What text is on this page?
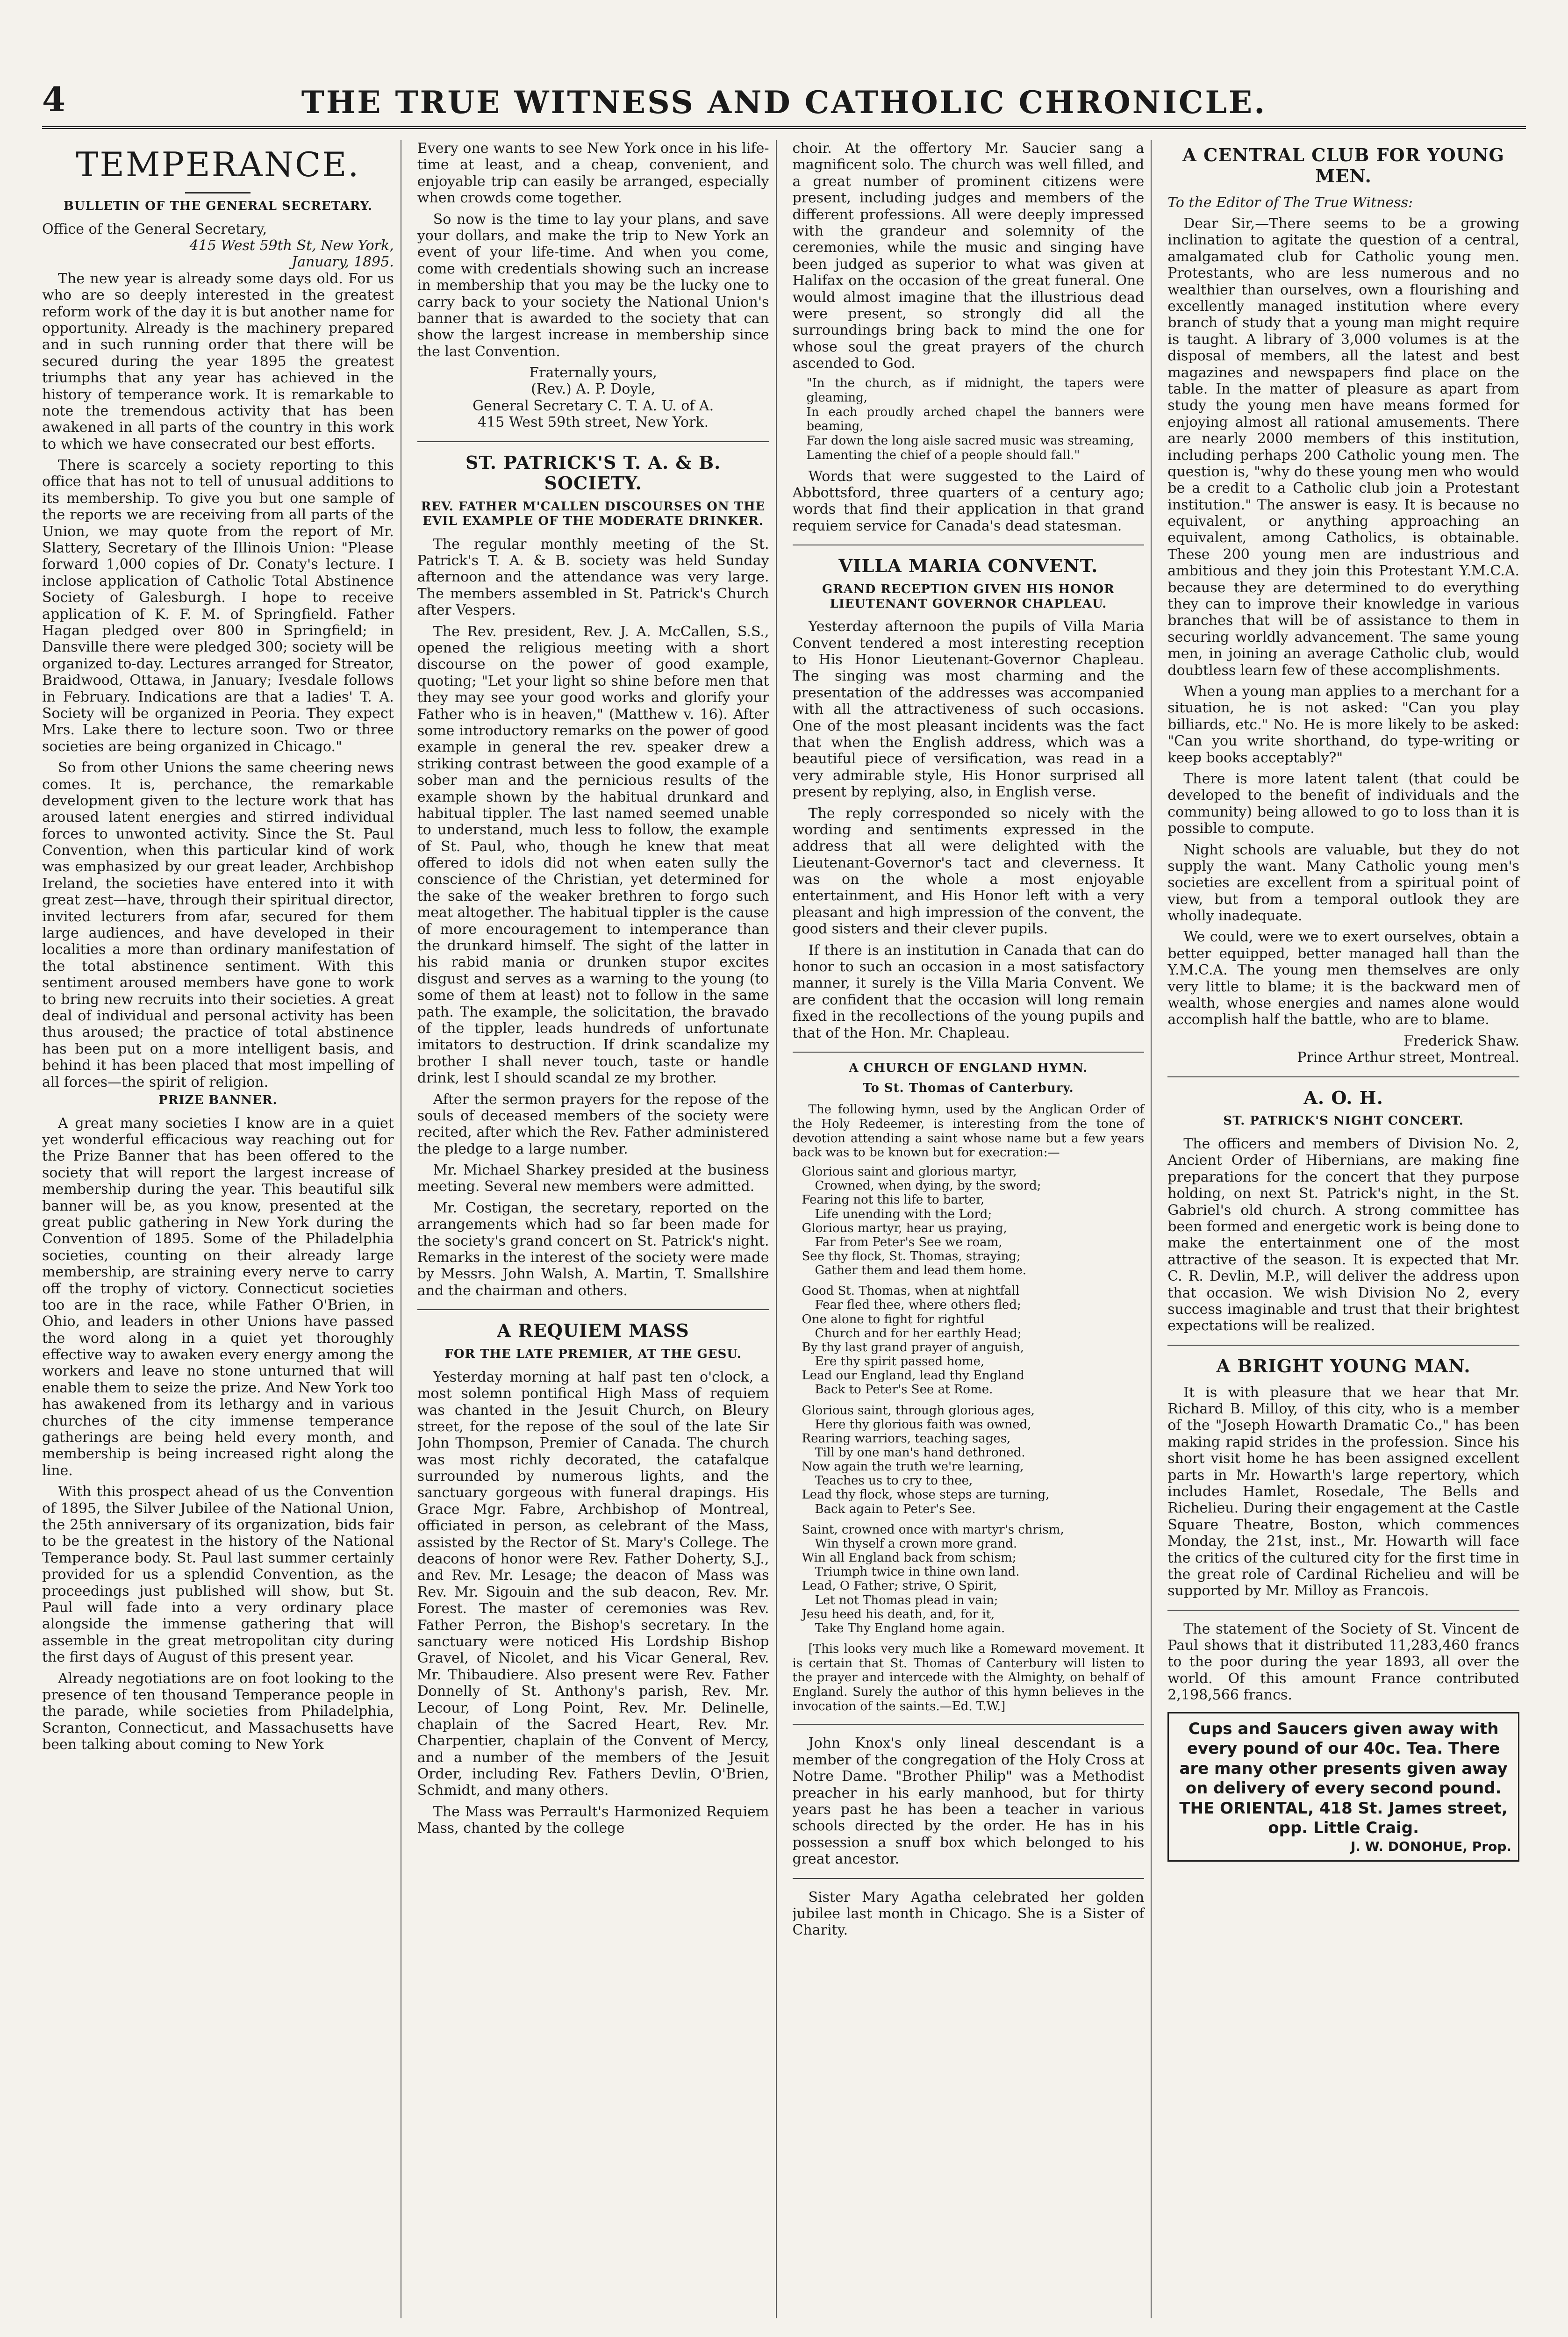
4	THE TRUE WITNESS AND CATHOLIC CHRONICLE.
TEMPERANCE.
BULLETIN OF THE GENERAL SECRETARY.

Office of the General Secretary,

415 West 59th St, New York,

January, 1895.

The new year is already some days old. For us who are so deeply interested in the greatest reform work of the day it is but another name for opportunity. Already is the machinery prepared and in such running order that there will be secured during the year 1895 the greatest triumphs that any year has achieved in the history of temperance work. It is remarkable to note the tremendous activity that has been awakened in all parts of the country in this work to which we have consecrated our best efforts.

There is scarcely a society reporting to this office that has not to tell of unusual additions to its membership. To give you but one sample of the reports we are receiving from all parts of the Union, we may quote from the report of Mr. Slattery, Secretary of the Illinois Union: "Please forward 1,000 copies of Dr. Conaty's lecture. I inclose application of Catholic Total Abstinence Society of Galesburgh. I hope to receive application of K. F. M. of Springfield. Father Hagan pledged over 800 in Springfield; in Dansville there were pledged 300; society will be organized to-day. Lectures arranged for Streator, Braidwood, Ottawa, in January; Ivesdale follows in February. Indications are that a ladies' T. A. Society will be organized in Peoria. They expect Mrs. Lake there to lecture soon. Two or three societies are being organized in Chicago."

So from other Unions the same cheering news comes. It is, perchance, the remarkable development given to the lecture work that has aroused latent energies and stirred individual forces to unwonted activity. Since the St. Paul Convention, when this particular kind of work was emphasized by our great leader, Archbishop Ireland, the societies have entered into it with great zest—have, through their spiritual director, invited lecturers from afar, secured for them large audiences, and have developed in their localities a more than ordinary manifestation of the total abstinence sentiment. With this sentiment aroused members have gone to work to bring new recruits into their societies. A great deal of individual and personal activity has been thus aroused; the practice of total abstinence has been put on a more intelligent basis, and behind it has been placed that most impelling of all forces—the spirit of religion.

PRIZE BANNER.

A great many societies I know are in a quiet yet wonderful efficacious way reaching out for the Prize Banner that has been offered to the society that will report the largest increase of membership during the year. This beautiful silk banner will be, as you know, presented at the great public gathering in New York during the Convention of 1895. Some of the Philadelphia societies, counting on their already large membership, are straining every nerve to carry off the trophy of victory. Connecticut societies too are in the race, while Father O'Brien, in Ohio, and leaders in other Unions have passed the word along in a quiet yet thoroughly effective way to awaken every energy among the workers and leave no stone unturned that will enable them to seize the prize. And New York too has awakened from its lethargy and in various churches of the city immense temperance gatherings are being held every month, and membership is being increased right along the line.

With this prospect ahead of us the Convention of 1895, the Silver Jubilee of the National Union, the 25th anniversary of its organization, bids fair to be the greatest in the history of the National Temperance body. St. Paul last summer certainly provided for us a splendid Convention, as the proceedings just published will show, but St. Paul will fade into a very ordinary place alongside the immense gathering that will assemble in the great metropolitan city during the first days of August of this present year.

Already negotiations are on foot looking to the presence of ten thousand Temperance people in the parade, while societies from Philadelphia, Scranton, Connecticut, and Massachusetts have been talking about coming to New York

Every one wants to see New York once in his life-time at least, and a cheap, convenient, and enjoyable trip can easily be arranged, especially when crowds come together.

So now is the time to lay your plans, and save your dollars, and make the trip to New York an event of your life-time. And when you come, come with credentials showing such an increase in membership that you may be the lucky one to carry back to your society the National Union's banner that is awarded to the society that can show the largest increase in membership since the last Convention.

Fraternally yours,

(Rev.) A. P. Doyle,

General Secretary C. T. A. U. of A.

415 West 59th street, New York.

ST. PATRICK'S T. A. & B. SOCIETY.
REV. FATHER M'CALLEN DISCOURSES ON THE EVIL EXAMPLE OF THE MODERATE DRINKER.

The regular monthly meeting of the St. Patrick's T. A. & B. society was held Sunday afternoon and the attendance was very large. The members assembled in St. Patrick's Church after Vespers.

The Rev. president, Rev. J. A. McCallen, S.S., opened the religious meeting with a short discourse on the power of good example, quoting; "Let your light so shine before men that they may see your good works and glorify your Father who is in heaven," (Matthew v. 16). After some introductory remarks on the power of good example in general the rev. speaker drew a striking contrast between the good example of a sober man and the pernicious results of the example shown by the habitual drunkard and habitual tippler. The last named seemed unable to understand, much less to follow, the example of St. Paul, who, though he knew that meat offered to idols did not when eaten sully the conscience of the Christian, yet determined for the sake of the weaker brethren to forgo such meat altogether. The habitual tippler is the cause of more encouragement to intemperance than the drunkard himself. The sight of the latter in his rabid mania or drunken stupor excites disgust and serves as a warning to the young (to some of them at least) not to follow in the same path. The example, the solicitation, the bravado of the tippler, leads hundreds of unfortunate imitators to destruction. If drink scandalize my brother I shall never touch, taste or handle drink, lest I should scandal ze my brother.

After the sermon prayers for the repose of the souls of deceased members of the society were recited, after which the Rev. Father administered the pledge to a large number.

Mr. Michael Sharkey presided at the business meeting. Several new members were admitted.

Mr. Costigan, the secretary, reported on the arrangements which had so far been made for the society's grand concert on St. Patrick's night. Remarks in the interest of the society were made by Messrs. John Walsh, A. Martin, T. Smallshire and the chairman and others.

A REQUIEM MASS
FOR THE LATE PREMIER, AT THE GESU.

Yesterday morning at half past ten o'clock, a most solemn pontifical High Mass of requiem was chanted in the Jesuit Church, on Bleury street, for the repose of the soul of the late Sir John Thompson, Premier of Canada. The church was most richly decorated, the catafalque surrounded by numerous lights, and the sanctuary gorgeous with funeral drapings. His Grace Mgr. Fabre, Archbishop of Montreal, officiated in person, as celebrant of the Mass, assisted by the Rector of St. Mary's College. The deacons of honor were Rev. Father Doherty, S.J., and Rev. Mr. Lesage; the deacon of Mass was Rev. Mr. Sigouin and the sub deacon, Rev. Mr. Forest. The master of ceremonies was Rev. Father Perron, the Bishop's secretary. In the sanctuary were noticed His Lordship Bishop Gravel, of Nicolet, and his Vicar General, Rev. Mr. Thibaudiere. Also present were Rev. Father Donnelly of St. Anthony's parish, Rev. Mr. Lecour, of Long Point, Rev. Mr. Delinelle, chaplain of the Sacred Heart, Rev. Mr. Charpentier, chaplain of the Convent of Mercy, and a number of the members of the Jesuit Order, including Rev. Fathers Devlin, O'Brien, Schmidt, and many others.

The Mass was Perrault's Harmonized Requiem Mass, chanted by the college

choir. At the offertory Mr. Saucier sang a magnificent solo. The church was well filled, and a great number of prominent citizens were present, including judges and members of the different professions. All were deeply impressed with the grandeur and solemnity of the ceremonies, while the music and singing have been judged as superior to what was given at Halifax on the occasion of the great funeral. One would almost imagine that the illustrious dead were present, so strongly did all the surroundings bring back to mind the one for whose soul the great prayers of the church ascended to God.

"In the church, as if midnight, the tapers were gleaming,
In each proudly arched chapel the banners were beaming,
Far down the long aisle sacred music was streaming,
Lamenting the chief of a people should fall."

Words that were suggested to the Laird of Abbottsford, three quarters of a century ago; words that find their application in that grand requiem service for Canada's dead statesman.

VILLA MARIA CONVENT.
GRAND RECEPTION GIVEN HIS HONOR LIEUTENANT GOVERNOR CHAPLEAU.

Yesterday afternoon the pupils of Villa Maria Convent tendered a most interesting reception to His Honor Lieutenant-Governor Chapleau. The singing was most charming and the presentation of the addresses was accompanied with all the attractiveness of such occasions. One of the most pleasant incidents was the fact that when the English address, which was a beautiful piece of versification, was read in a very admirable style, His Honor surprised all present by replying, also, in English verse.

The reply corresponded so nicely with the wording and sentiments expressed in the address that all were delighted with the Lieutenant-Governor's tact and cleverness. It was on the whole a most enjoyable entertainment, and His Honor left with a very pleasant and high impression of the convent, the good sisters and their clever pupils.

If there is an institution in Canada that can do honor to such an occasion in a most satisfactory manner, it surely is the Villa Maria Convent. We are confident that the occasion will long remain fixed in the recollections of the young pupils and that of the Hon. Mr. Chapleau.

A CHURCH OF ENGLAND HYMN.
To St. Thomas of Canterbury.

The following hymn, used by the Anglican Order of the Holy Redeemer, is interesting from the tone of devotion attending a saint whose name but a few years back was to be known but for execration:—

Glorious saint and glorious martyr,
Crowned, when dying, by the sword;
Fearing not this life to barter,
Life unending with the Lord;
Glorious martyr, hear us praying,
Far from Peter's See we roam,
See thy flock, St. Thomas, straying;
Gather them and lead them home.
Good St. Thomas, when at nightfall
Fear fled thee, where others fled;
One alone to fight for rightful
Church and for her earthly Head;
By thy last grand prayer of anguish,
Ere thy spirit passed home,
Lead our England, lead thy England
Back to Peter's See at Rome.
Glorious saint, through glorious ages,
Here thy glorious faith was owned,
Rearing warriors, teaching sages,
Till by one man's hand dethroned.
Now again the truth we're learning,
Teaches us to cry to thee,
Lead thy flock, whose steps are turning,
Back again to Peter's See.
Saint, crowned once with martyr's chrism,
Win thyself a crown more grand.
Win all England back from schism;
Triumph twice in thine own land.
Lead, O Father; strive, O Spirit,
Let not Thomas plead in vain;
Jesu heed his death, and, for it,
Take Thy England home again.

[This looks very much like a Romeward movement. It is certain that St. Thomas of Canterbury will listen to the prayer and intercede with the Almighty, on behalf of England. Surely the author of this hymn believes in the invocation of the saints.—Ed. T.W.]

John Knox's only lineal descendant is a member of the congregation of the Holy Cross at Notre Dame. "Brother Philip" was a Methodist preacher in his early manhood, but for thirty years past he has been a teacher in various schools directed by the order. He has in his possession a snuff box which belonged to his great ancestor.

Sister Mary Agatha celebrated her golden jubilee last month in Chicago. She is a Sister of Charity.

A CENTRAL CLUB FOR YOUNG MEN.

To the Editor of The True Witness:

Dear Sir,—There seems to be a growing inclination to agitate the question of a central, amalgamated club for Catholic young men. Protestants, who are less numerous and no wealthier than ourselves, own a flourishing and excellently managed institution where every branch of study that a young man might require is taught. A library of 3,000 volumes is at the disposal of members, all the latest and best magazines and newspapers find place on the table. In the matter of pleasure as apart from study the young men have means formed for enjoying almost all rational amusements. There are nearly 2000 members of this institution, including perhaps 200 Catholic young men. The question is, "why do these young men who would be a credit to a Catholic club join a Protestant institution." The answer is easy. It is because no equivalent, or anything approaching an equivalent, among Catholics, is obtainable. These 200 young men are industrious and ambitious and they join this Protestant Y.M.C.A. because they are determined to do everything they can to improve their knowledge in various branches that will be of assistance to them in securing worldly advancement. The same young men, in joining an average Catholic club, would doubtless learn few of these accomplishments.

When a young man applies to a merchant for a situation, he is not asked: "Can you play billiards, etc." No. He is more likely to be asked: "Can you write shorthand, do type-writing or keep books acceptably?"

There is more latent talent (that could be developed to the benefit of individuals and the community) being allowed to go to loss than it is possible to compute.

Night schools are valuable, but they do not supply the want. Many Catholic young men's societies are excellent from a spiritual point of view, but from a temporal outlook they are wholly inadequate.

We could, were we to exert ourselves, obtain a better equipped, better managed hall than the Y.M.C.A. The young men themselves are only very little to blame; it is the backward men of wealth, whose energies and names alone would accomplish half the battle, who are to blame.

Frederick Shaw.

Prince Arthur street, Montreal.

A. O. H.
ST. PATRICK'S NIGHT CONCERT.

The officers and members of Division No. 2, Ancient Order of Hibernians, are making fine preparations for the concert that they purpose holding, on next St. Patrick's night, in the St. Gabriel's old church. A strong committee has been formed and energetic work is being done to make the entertainment one of the most attractive of the season. It is expected that Mr. C. R. Devlin, M.P., will deliver the address upon that occasion. We wish Division No 2, every success imaginable and trust that their brightest expectations will be realized.

A BRIGHT YOUNG MAN.

It is with pleasure that we hear that Mr. Richard B. Milloy, of this city, who is a member of the "Joseph Howarth Dramatic Co.," has been making rapid strides in the profession. Since his short visit home he has been assigned excellent parts in Mr. Howarth's large repertory, which includes Hamlet, Rosedale, The Bells and Richelieu. During their engagement at the Castle Square Theatre, Boston, which commences Monday, the 21st, inst., Mr. Howarth will face the critics of the cultured city for the first time in the great role of Cardinal Richelieu and will be supported by Mr. Milloy as Francois.

The statement of the Society of St. Vincent de Paul shows that it distributed 11,283,460 francs to the poor during the year 1893, all over the world. Of this amount France contributed 2,198,566 francs.

Cups and Saucers given away with every pound of our 40c. Tea. There are many other presents given away on delivery of every second pound. THE ORIENTAL, 418 St. James street, opp. Little Craig.
J. W. DONOHUE, Prop.
